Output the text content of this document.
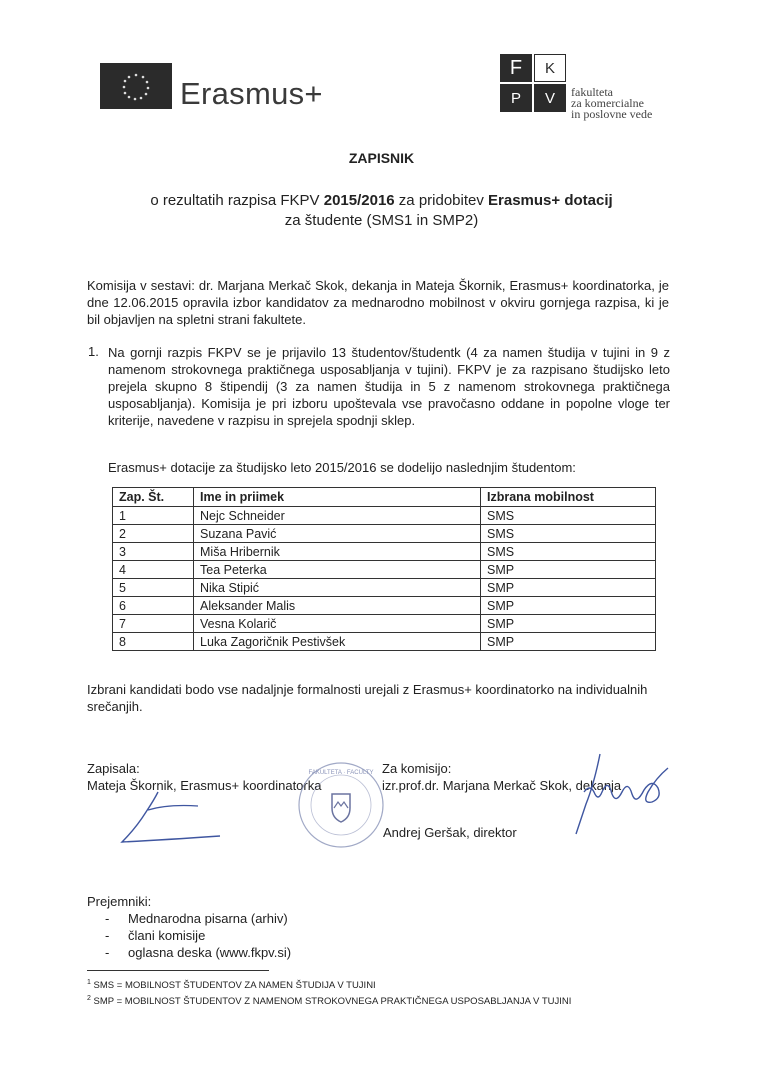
Erasmus+
F	K
P	V	fakulteta
za komercialne
in poslovne vede
ZAPISNIK
o rezultatih razpisa FKPV 2015/2016 za pridobitev Erasmus+ dotacij
za študente (SMS1 in SMP2)
Komisija v sestavi: dr. Marjana Merkač Skok, dekanja in Mateja Škornik, Erasmus+ koordinatorka, je dne 12.06.2015 opravila izbor kandidatov za mednarodno mobilnost v okviru gornjega razpisa, ki je bil objavljen na spletni strani fakultete.
1. Na gornji razpis FKPV se je prijavilo 13 študentov/študentk (4 za namen študija v tujini in 9 z namenom strokovnega praktičnega usposabljanja v tujini). FKPV je za razpisano študijsko leto prejela skupno 8 štipendij (3 za namen študija in 5 z namenom strokovnega praktičnega usposabljanja). Komisija je pri izboru upoštevala vse pravočasno oddane in popolne vloge ter kriterije, navedene v razpisu in sprejela spodnji sklep.
Erasmus+ dotacije za študijsko leto 2015/2016 se dodelijo naslednjim študentom:
Zap. Št.	Ime in priimek	Izbrana mobilnost
1	Nejc Schneider	SMS
2	Suzana Pavić	SMS
3	Miša Hribernik	SMS
4	Tea Peterka	SMP
5	Nika Stipić	SMP
6	Aleksander Malis	SMP
7	Vesna Kolarič	SMP
8	Luka Zagoričnik Pestivšek	SMP
Izbrani kandidati bodo vse nadaljnje formalnosti urejali z Erasmus+ koordinatorko na individualnih srečanjih.
Zapisala:
Mateja Škornik, Erasmus+ koordinatorka
Za komisijo:
izr.prof.dr. Marjana Merkač Skok, dekanja
Andrej Geršak, direktor
FAKULTETA · FACULTY
Prejemniki:
- Mednarodna pisarna (arhiv)
- člani komisije
- oglasna deska (www.fkpv.si)
$^1$ SMS = MOBILNOST ŠTUDENTOV ZA NAMEN ŠTUDIJA V TUJINI
$^2$ SMP = MOBILNOST ŠTUDENTOV Z NAMENOM STROKOVNEGA PRAKTIČNEGA USPOSABLJANJA V TUJINI
